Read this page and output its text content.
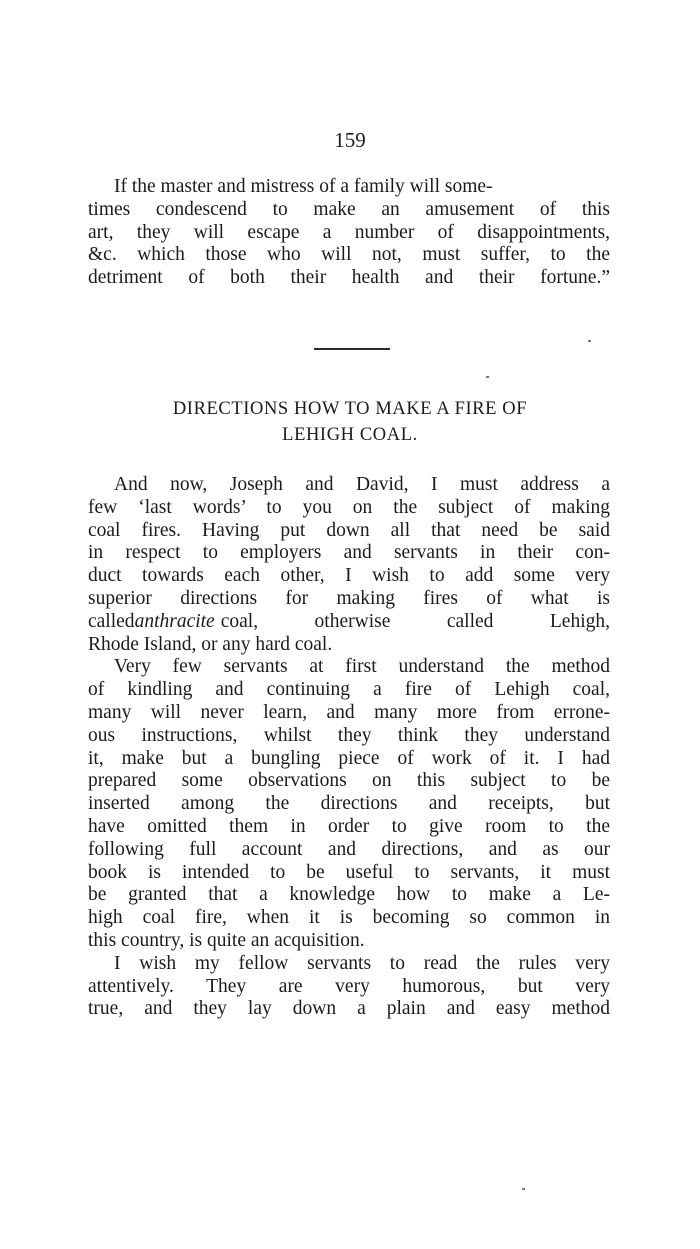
159
If the master and mistress of a family will some-
times condescend to make an amusement of this
art, they will escape a number of disappointments,
&c. which those who will not, must suffer, to the
detriment of both their health and their fortune.”
DIRECTIONS HOW TO MAKE A FIRE OF
LEHIGH COAL.
And now, Joseph and David, I must address a
few ‘last words’ to you on the subject of making
coal fires. Having put down all that need be said
in respect to employers and servants in their con-
duct towards each other, I wish to add some very
superior directions for making fires of what is
called anthracite coal, otherwise called Lehigh,
Rhode Island, or any hard coal.
Very few servants at first understand the method
of kindling and continuing a fire of Lehigh coal,
many will never learn, and many more from errone-
ous instructions, whilst they think they understand
it, make but a bungling piece of work of it. I had
prepared some observations on this subject to be
inserted among the directions and receipts, but
have omitted them in order to give room to the
following full account and directions, and as our
book is intended to be useful to servants, it must
be granted that a knowledge how to make a Le-
high coal fire, when it is becoming so common in
this country, is quite an acquisition.
I wish my fellow servants to read the rules very
attentively. They are very humorous, but very
true, and they lay down a plain and easy method
